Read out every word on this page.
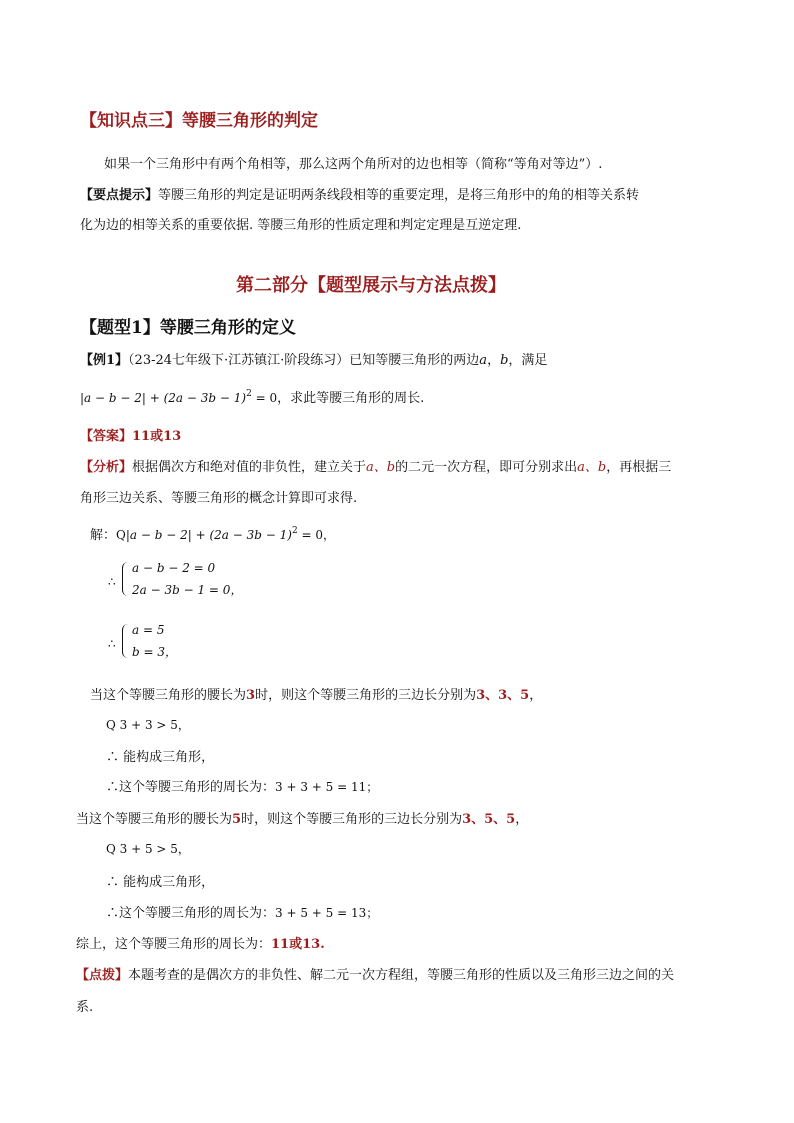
【知识点三】等腰三角形的判定
如果一个三角形中有两个角相等，那么这两个角所对的边也相等（简称“等角对等边”）.
【要点提示】等腰三角形的判定是证明两条线段相等的重要定理，是将三角形中的角的相等关系转
化为边的相等关系的重要依据. 等腰三角形的性质定理和判定定理是互逆定理.
第二部分【题型展示与方法点拨】
【题型1】等腰三角形的定义
【例1】（23-24七年级下·江苏镇江·阶段练习）已知等腰三角形的两边a，b，满足
$|a - b - 2| + (2a - 3b - 1)^2 = 0$，求此等腰三角形的周长.
【答案】11或13
【分析】根据偶次方和绝对值的非负性，建立关于a、b的二元一次方程，即可分别求出a、b，再根据三
角形三边关系、等腰三角形的概念计算即可求得.
解：$Q|a - b - 2| + (2a - 3b - 1)^2 = 0$，
∴
a − b − 2 = 0
2a − 3b − 1 = 0，
∴
a = 5
b = 3，
当这个等腰三角形的腰长为3时，则这个等腰三角形的三边长分别为3、3、5，
Q 3 + 3 > 5，
∴ 能构成三角形，
∴这个等腰三角形的周长为：3 + 3 + 5 = 11；
当这个等腰三角形的腰长为5时，则这个等腰三角形的三边长分别为3、5、5，
Q 3 + 5 > 5，
∴ 能构成三角形，
∴这个等腰三角形的周长为：3 + 5 + 5 = 13；
综上，这个等腰三角形的周长为：11或13.
【点拨】本题考查的是偶次方的非负性、解二元一次方程组，等腰三角形的性质以及三角形三边之间的关
系.
